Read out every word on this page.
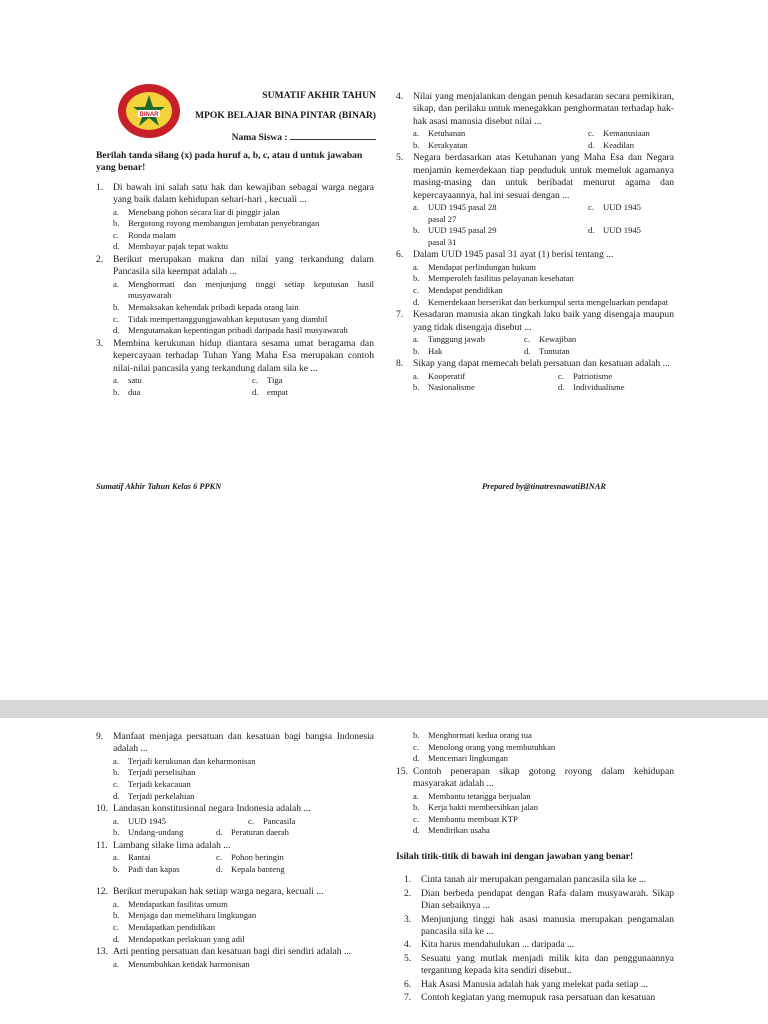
BINAR
SUMATIF AKHIR TAHUN
MPOK BELAJAR BINA PINTAR (BINAR)
Nama Siswa :
Berilah tanda silang (x) pada huruf a, b, c, atau d untuk jawaban yang benar!
1.	Di bawah ini salah satu hak dan kewajiban sebagai warga negara yang baik dalam kehidupan sehari-hari , kecuali ...
a.	Menebang pohon secara liar di pinggir jalan
b. Bergotong royong membangun jembatan penyebrangan
c.	Ronda malam
d. Membayar pajak tepat waktu
2.	Berikut merupakan makna dan nilai yang terkandung dalam Pancasila sila keempat adalah ...
a.	Menghormati dan menjunjung tinggi setiap keputusan hasil musyawarah
b. Memaksakan kehendak pribadi kepada orang lain
c.	Tidak mempertanggungjawabkan keputusan yang diambil
d. Mengutamakan kepentingan pribadi daripada hasil musyawarah
3.	Membina kerukunan hidup diantara sesama umat beragama dan kepercayaan terhadap Tuhan Yang Maha Esa merupakan contoh nilai-nilai pancasila yang terkandung dalam sila ke ...
a.	satu	c.	Tiga
b. dua	d. empat
4.	Nilai yang menjalankan dengan penuh kesadaran secara pemikiran, sikap, dan perilaku untuk menegakkan penghormatan terhadap hak-hak asasi manusia disebut nilai ...
a.	Ketuhanan	c.	Kemanusiaan
b. Kerakyatan	d. Keadilan
5.	Negara berdasarkan atas Ketuhanan yang Maha Esa dan Negara menjamin kemerdekaan tiap penduduk untuk memeluk agamanya masing-masing dan untuk beribadat menurut agama dan kepercayaannya, hal ini sesuai dengan ...
a.	UUD 1945 pasal 28	c.	UUD 1945
pasal 27
b. UUD 1945 pasal 29	d. UUD 1945
pasal 31
6.	Dalam UUD 1945 pasal 31 ayat (1) berisi tentang ...
a.	Mendapat perlindungan hukum
b. Memperoleh fasilitas pelayanan kesehatan
c.	Mendapat pendidikan
d. Kemerdekaan berserikat dan berkumpul serta mengeluarkan pendapat
7.	Kesadaran manusia akan tingkah laku baik yang disengaja maupun yang tidak disengaja disebut ...
a.	Tanggung jawab	c.	Kewajiban
b. Hak	d. Tuntutan
8.	Sikap yang dapat memecah belah persatuan dan kesatuan adalah ...
a.	Kooperatif	c.	Patriotisme
b. Nasionalisme	d. Individualisme
Sumatif Akhir Tahun Kelas 6 PPKN	Prepared by@tinatresnawatiBINAR
9.	Manfaat menjaga persatuan dan kesatuan bagi bangsa Indonesia adalah ...
a.	Terjadi kerukunan dan keharmonisan
b. Terjadi perselisihan
c.	Terjadi kekacauan
d. Terjadi perkelahian
10. Landasan konstitusional negara Indonesia adalah ...
a.	UUD 1945	c.	Pancasila
b. Undang-undang	d. Peraturan daerah
11. Lambang silake lima adalah ...
a.	Rantai	c.	Pohon beringin
b. Padi dan kapas	d. Kepala banteng
12. Berikut merupakan hak setiap warga negara, kecuali ...
a.	Mendapatkan fasilitas umum
b. Menjaga dan memelihara lingkungan
c.	Mendapatkan pendidikan
d. Mendapatkan perlakuan yang adil
13. Arti penting persatuan dan kesatuan bagi diri sendiri adalah ...
a.	Menumbuhkan ketidak harmonisan
b. Menghormati kedua orang tua
c.	Menolong orang yang membutuhkan
d. Mencemari lingkungan
15. Contoh penerapan sikap gotong royong dalam kehidupan masyarakat adalah ...
a.	Membantu tetangga berjualan
b. Kerja bakti membersihkan jalan
c.	Membantu membuat KTP
d. Mendirikan usaha
Isilah titik-titik di bawah ini dengan jawaban yang benar!
1.	Cinta tanah air merupakan pengamalan pancasila sila ke ...
2.	Dian berbeda pendapat dengan Rafa dalam musyawarah. Sikap Dian sebaiknya ...
3.	Menjunjung tinggi hak asasi manusia merupakan pengamalan pancasila sila ke ...
4.	Kita harus mendahulukan ... daripada ...
5.	Sesuatu yang mutlak menjadi milik kita dan penggunaannya tergantung kepada kita sendiri disebut..
6.	Hak Asasi Manusia adalah hak yang melekat pada setiap ...
7.	Contoh kegiatan yang memupuk rasa persatuan dan kesatuan
